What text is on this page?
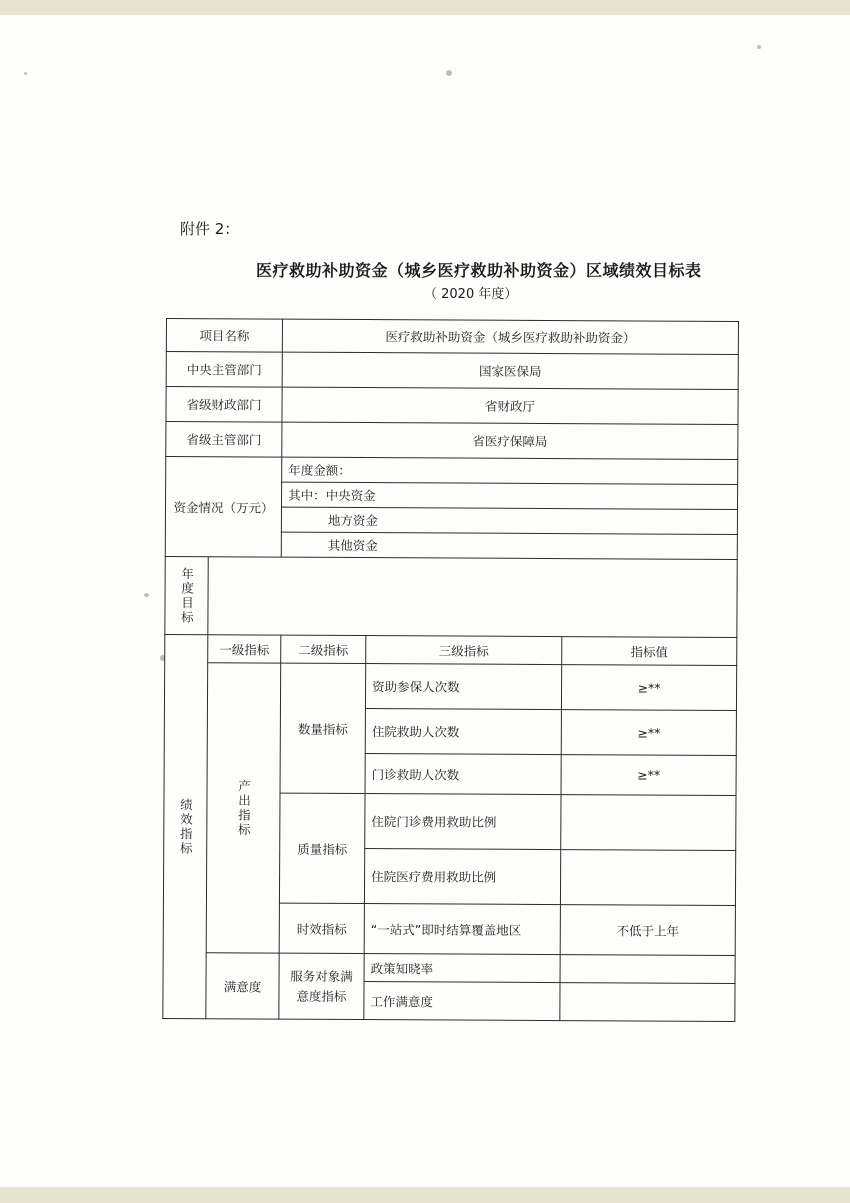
附件 2：
医疗救助补助资金（城乡医疗救助补助资金）区域绩效目标表
（ 2020 年度）
项目名称		医疗救助补助资金（城乡医疗救助补助资金）		
中央主管部门		国家医保局		
省级财政部门		省财政厅		
省级主管部门		省医疗保障局		
资金情况（万元）		年度金额：		
		其中：中央资金		
		地方资金		
		其他资金		

年度目标				

绩效指标	一级指标	二级指标	三级指标	指标值

	产出指标	数量指标	资助参保人次数	≥**
			住院救助人次数	≥**
			门诊救助人次数	≥**
		质量指标	住院门诊费用救助比例	
			住院医疗费用救助比例	
		时效指标	“一站式”即时结算覆盖地区	不低于上年
	满意度	服务对象满意度指标	政策知晓率	
			工作满意度	
